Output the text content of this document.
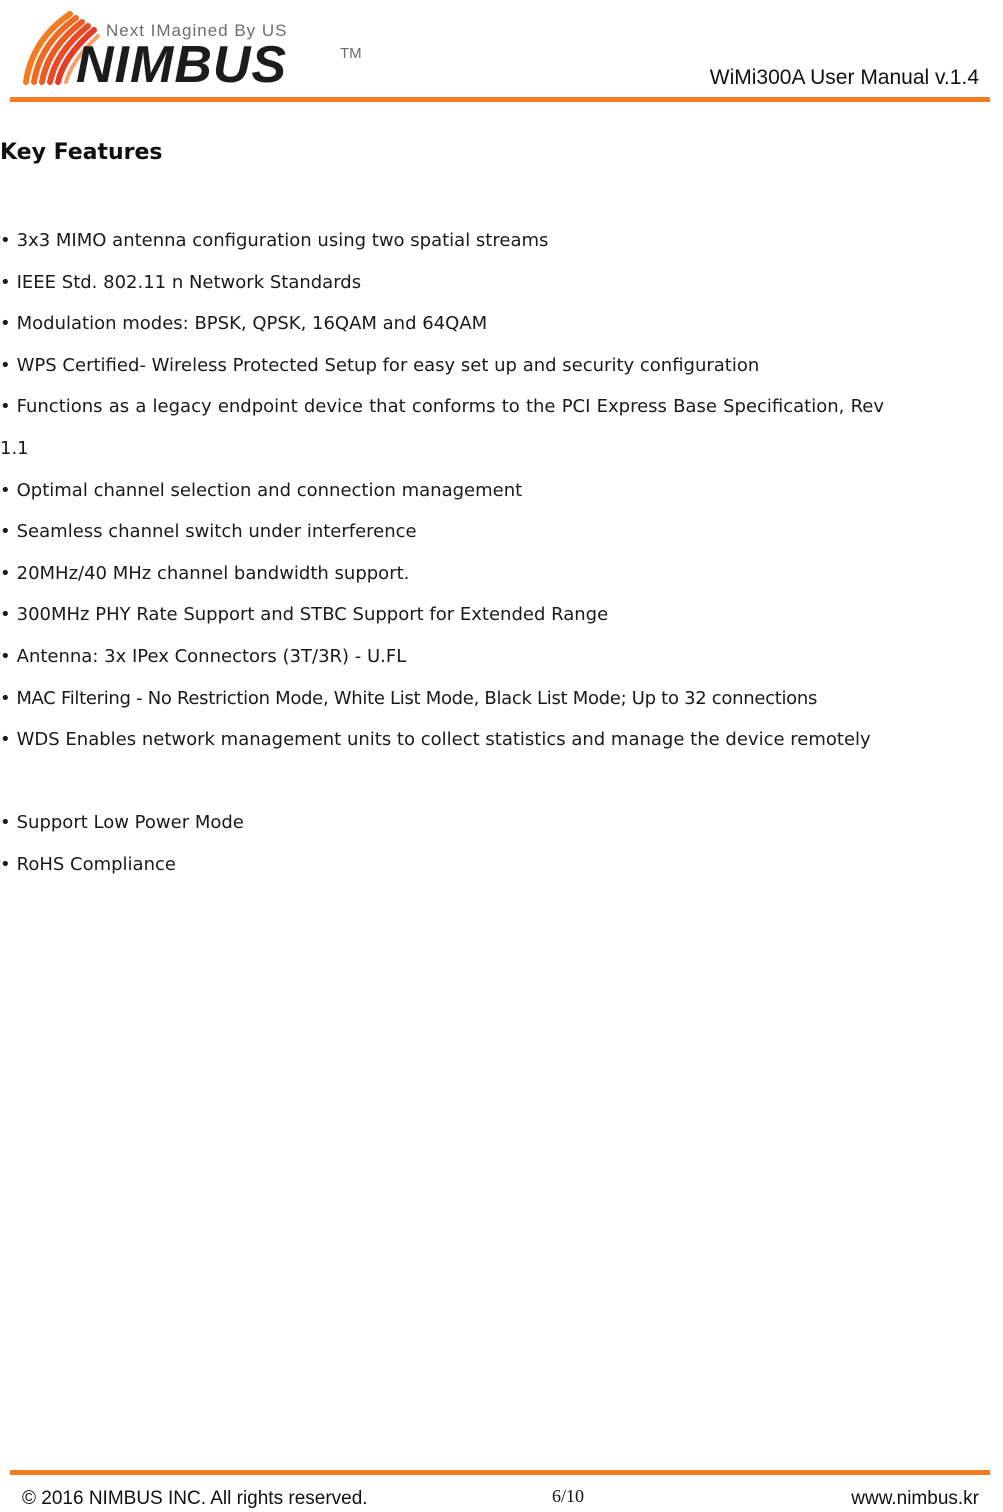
Next IMagined By US
NIMBUS	TM
WiMi300A User Manual v.1.4
Key Features
• 3x3 MIMO antenna configuration using two spatial streams
• IEEE Std. 802.11 n Network Standards
• Modulation modes: BPSK, QPSK, 16QAM and 64QAM
• WPS Certified- Wireless Protected Setup for easy set up and security configuration
• Functions as a legacy endpoint device that conforms to the PCI Express Base Specification, Rev 1.1
• Optimal channel selection and connection management
• Seamless channel switch under interference
• 20MHz/40 MHz channel bandwidth support.
• 300MHz PHY Rate Support and STBC Support for Extended Range
• Antenna: 3x IPex Connectors (3T/3R) - U.FL
• MAC Filtering - No Restriction Mode, White List Mode, Black List Mode; Up to 32 connections
• WDS Enables network management units to collect statistics and manage the device remotely
• Support Low Power Mode
• RoHS Compliance
© 2016 NIMBUS INC. All rights reserved.	6/10	www.nimbus.kr
